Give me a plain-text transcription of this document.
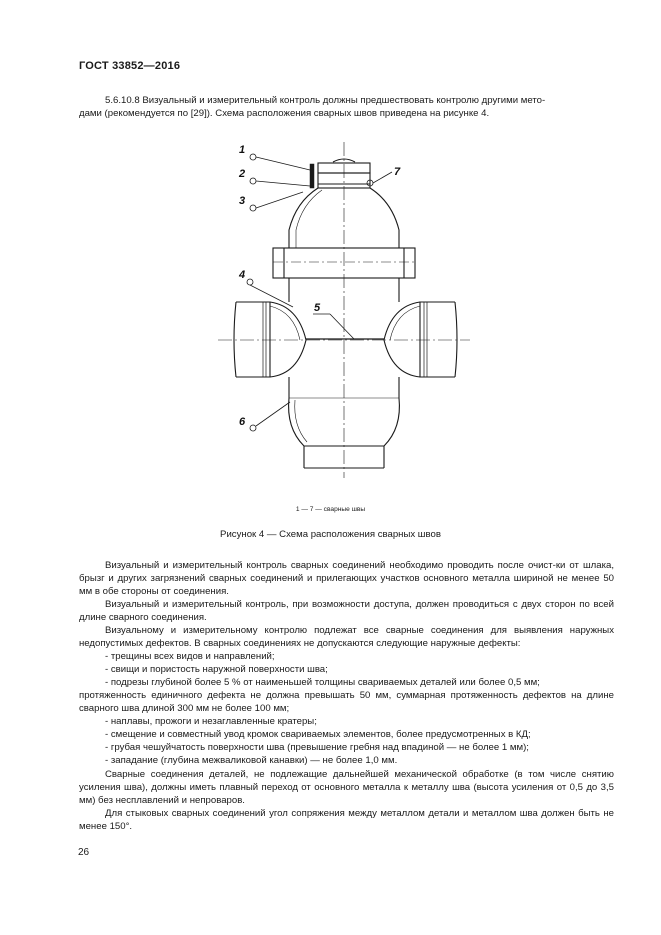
ГОСТ 33852—2016
5.6.10.8 Визуальный и измерительный контроль должны предшествовать контролю другими мето-
дами (рекомендуется по [29]). Схема расположения сварных швов приведена на рисунке 4.
1
2
3
7
4
5
6
1 — 7 — сварные швы
Рисунок 4 — Схема расположения сварных швов
Визуальный и измерительный контроль сварных соединений необходимо проводить после очист-ки от шлака, брызг и других загрязнений сварных соединений и прилегающих участков основного металла шириной не менее 50 мм в обе стороны от соединения.
Визуальный и измерительный контроль, при возможности доступа, должен проводиться с двух сторон по всей длине сварного соединения.
Визуальному и измерительному контролю подлежат все сварные соединения для выявления наружных недопустимых дефектов. В сварных соединениях не допускаются следующие наружные дефекты:
- трещины всех видов и направлений;
- свищи и пористость наружной поверхности шва;
- подрезы глубиной более 5 % от наименьшей толщины свариваемых деталей или более 0,5 мм;
протяженность единичного дефекта не должна превышать 50 мм, суммарная протяженность дефектов на длине сварного шва длиной 300 мм не более 100 мм;
- наплавы, прожоги и незаглавленные кратеры;
- смещение и совместный увод кромок свариваемых элементов, более предусмотренных в КД;
- грубая чешуйчатость поверхности шва (превышение гребня над впадиной — не более 1 мм);
- западание (глубина межваликовой канавки) — не более 1,0 мм.
Сварные соединения деталей, не подлежащие дальнейшей механической обработке (в том числе снятию усиления шва), должны иметь плавный переход от основного металла к металлу шва (высота усиления от 0,5 до 3,5 мм) без несплавлений и непроваров.
Для стыковых сварных соединений угол сопряжения между металлом детали и металлом шва должен быть не менее 150°.
26
